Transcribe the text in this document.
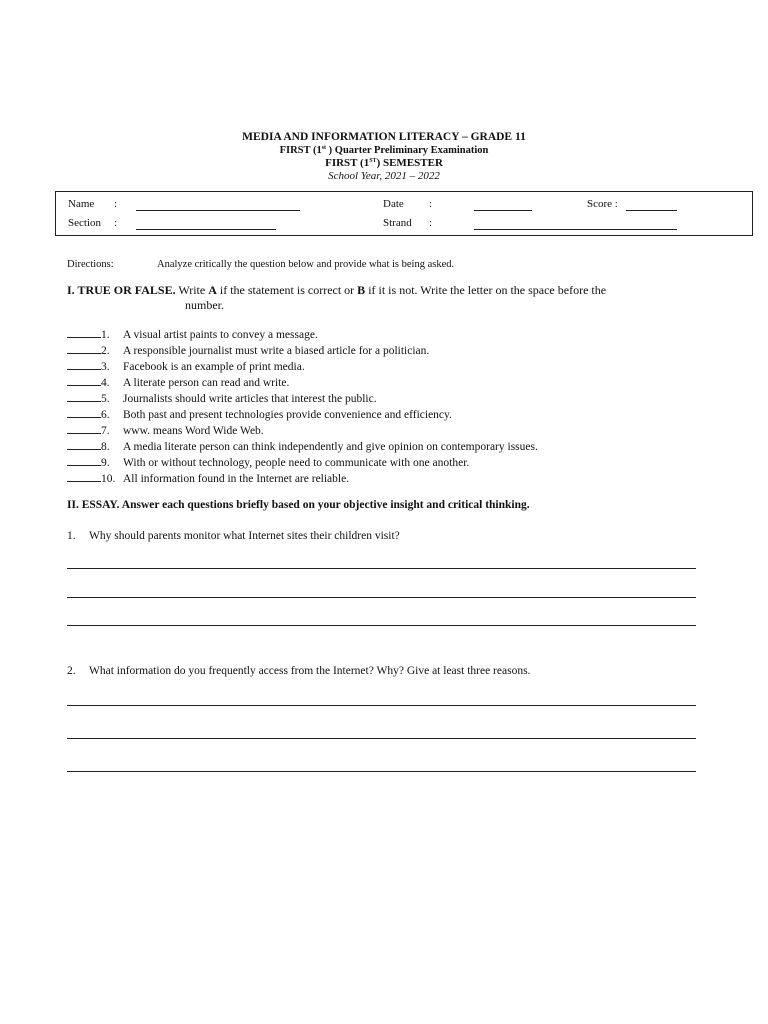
MEDIA AND INFORMATION LITERACY – GRADE 11
FIRST (1st ) Quarter Preliminary Examination
FIRST (1ST) SEMESTER
School Year, 2021 – 2022
Name :	Date :	Score :
Section :	Strand :
Directions:	Analyze critically the question below and provide what is being asked.
I. TRUE OR FALSE. Write A if the statement is correct or B if it is not. Write the letter on the space before the
number.
1. A visual artist paints to convey a message.
2. A responsible journalist must write a biased article for a politician.
3. Facebook is an example of print media.
4. A literate person can read and write.
5. Journalists should write articles that interest the public.
6. Both past and present technologies provide convenience and efficiency.
7. www. means Word Wide Web.
8. A media literate person can think independently and give opinion on contemporary issues.
9. With or without technology, people need to communicate with one another.
10. All information found in the Internet are reliable.
II. ESSAY. Answer each questions briefly based on your objective insight and critical thinking.
1. Why should parents monitor what Internet sites their children visit?
2. What information do you frequently access from the Internet? Why? Give at least three reasons.
